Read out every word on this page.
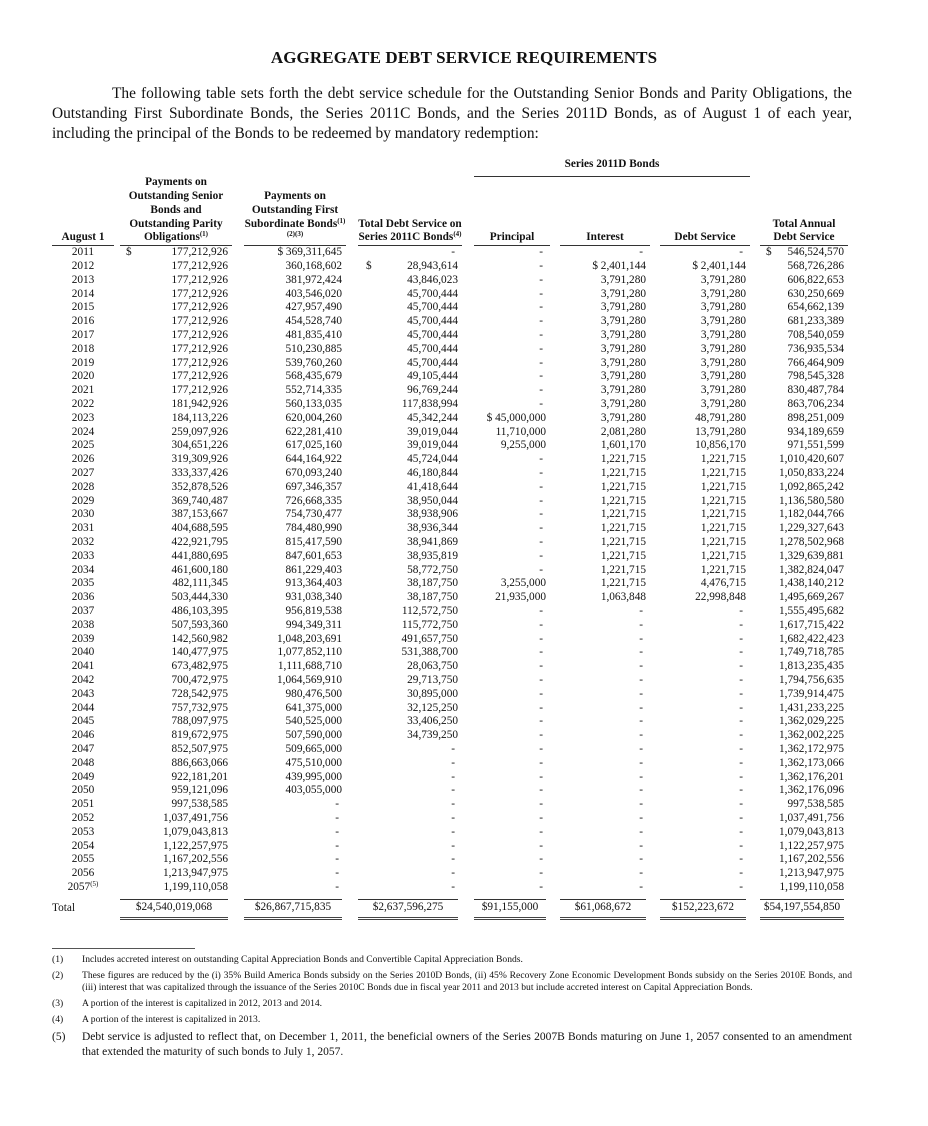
AGGREGATE DEBT SERVICE REQUIREMENTS
The following table sets forth the debt service schedule for the Outstanding Senior Bonds and Parity Obligations, the Outstanding First Subordinate Bonds, the Series 2011C Bonds, and the Series 2011D Bonds, as of August 1 of each year, including the principal of the Bonds to be redeemed by mandatory redemption:
								Series 2011D Bonds						

August 1		Payments on Outstanding Senior Bonds and Outstanding Parity Obligations$^{(1)}$		Payments on Outstanding First Subordinate Bonds$^{(1)(2)(3)}$		Total Debt Service on Series 2011C Bonds$^{(4)}$		Principal		Interest		Debt Service		Total Annual Debt Service

2011		$ 177,212,926		$ 369,311,645		-		-		-		-		$ 546,524,570

2012		177,212,926		360,168,602		$ 28,943,614		-		$ 2,401,144		$ 2,401,144		568,726,286

2013		177,212,926		381,972,424		43,846,023		-		3,791,280		3,791,280		606,822,653

2014		177,212,926		403,546,020		45,700,444		-		3,791,280		3,791,280		630,250,669

2015		177,212,926		427,957,490		45,700,444		-		3,791,280		3,791,280		654,662,139

2016		177,212,926		454,528,740		45,700,444		-		3,791,280		3,791,280		681,233,389

2017		177,212,926		481,835,410		45,700,444		-		3,791,280		3,791,280		708,540,059

2018		177,212,926		510,230,885		45,700,444		-		3,791,280		3,791,280		736,935,534

2019		177,212,926		539,760,260		45,700,444		-		3,791,280		3,791,280		766,464,909

2020		177,212,926		568,435,679		49,105,444		-		3,791,280		3,791,280		798,545,328

2021		177,212,926		552,714,335		96,769,244		-		3,791,280		3,791,280		830,487,784

2022		181,942,926		560,133,035		117,838,994		-		3,791,280		3,791,280		863,706,234

2023		184,113,226		620,004,260		45,342,244		$ 45,000,000		3,791,280		48,791,280		898,251,009

2024		259,097,926		622,281,410		39,019,044		11,710,000		2,081,280		13,791,280		934,189,659

2025		304,651,226		617,025,160		39,019,044		9,255,000		1,601,170		10,856,170		971,551,599

2026		319,309,926		644,164,922		45,724,044		-		1,221,715		1,221,715		1,010,420,607

2027		333,337,426		670,093,240		46,180,844		-		1,221,715		1,221,715		1,050,833,224

2028		352,878,526		697,346,357		41,418,644		-		1,221,715		1,221,715		1,092,865,242

2029		369,740,487		726,668,335		38,950,044		-		1,221,715		1,221,715		1,136,580,580

2030		387,153,667		754,730,477		38,938,906		-		1,221,715		1,221,715		1,182,044,766

2031		404,688,595		784,480,990		38,936,344		-		1,221,715		1,221,715		1,229,327,643

2032		422,921,795		815,417,590		38,941,869		-		1,221,715		1,221,715		1,278,502,968

2033		441,880,695		847,601,653		38,935,819		-		1,221,715		1,221,715		1,329,639,881

2034		461,600,180		861,229,403		58,772,750		-		1,221,715		1,221,715		1,382,824,047

2035		482,111,345		913,364,403		38,187,750		3,255,000		1,221,715		4,476,715		1,438,140,212

2036		503,444,330		931,038,340		38,187,750		21,935,000		1,063,848		22,998,848		1,495,669,267

2037		486,103,395		956,819,538		112,572,750		-		-		-		1,555,495,682

2038		507,593,360		994,349,311		115,772,750		-		-		-		1,617,715,422

2039		142,560,982		1,048,203,691		491,657,750		-		-		-		1,682,422,423

2040		140,477,975		1,077,852,110		531,388,700		-		-		-		1,749,718,785

2041		673,482,975		1,111,688,710		28,063,750		-		-		-		1,813,235,435

2042		700,472,975		1,064,569,910		29,713,750		-		-		-		1,794,756,635

2043		728,542,975		980,476,500		30,895,000		-		-		-		1,739,914,475

2044		757,732,975		641,375,000		32,125,250		-		-		-		1,431,233,225

2045		788,097,975		540,525,000		33,406,250		-		-		-		1,362,029,225

2046		819,672,975		507,590,000		34,739,250		-		-		-		1,362,002,225

2047		852,507,975		509,665,000		-		-		-		-		1,362,172,975

2048		886,663,066		475,510,000		-		-		-		-		1,362,173,066

2049		922,181,201		439,995,000		-		-		-		-		1,362,176,201

2050		959,121,096		403,055,000		-		-		-		-		1,362,176,096

2051		997,538,585		-		-		-		-		-		997,538,585

2052		1,037,491,756		-		-		-		-		-		1,037,491,756

2053		1,079,043,813		-		-		-		-		-		1,079,043,813

2054		1,122,257,975		-		-		-		-		-		1,122,257,975

2055		1,167,202,556		-		-		-		-		-		1,167,202,556

2056		1,213,947,975		-		-		-		-		-		1,213,947,975

2057$^{(5)}$		1,199,110,058		-		-		-		-		-		1,199,110,058

Total		$24,540,019,068		$26,867,715,835		$2,637,596,275		$91,155,000		$61,068,672		$152,223,672		$54,197,554,850
(1)	Includes accreted interest on outstanding Capital Appreciation Bonds and Convertible Capital Appreciation Bonds.
(2)	These figures are reduced by the (i) 35% Build America Bonds subsidy on the Series 2010D Bonds, (ii) 45% Recovery Zone Economic Development Bonds subsidy on the Series 2010E Bonds, and (iii) interest that was capitalized through the issuance of the Series 2010C Bonds due in fiscal year 2011 and 2013 but include accreted interest on Capital Appreciation Bonds.
(3)	A portion of the interest is capitalized in 2012, 2013 and 2014.
(4)	A portion of the interest is capitalized in 2013.
(5)	Debt service is adjusted to reflect that, on December 1, 2011, the beneficial owners of the Series 2007B Bonds maturing on June 1, 2057 consented to an amendment that extended the maturity of such bonds to July 1, 2057.
